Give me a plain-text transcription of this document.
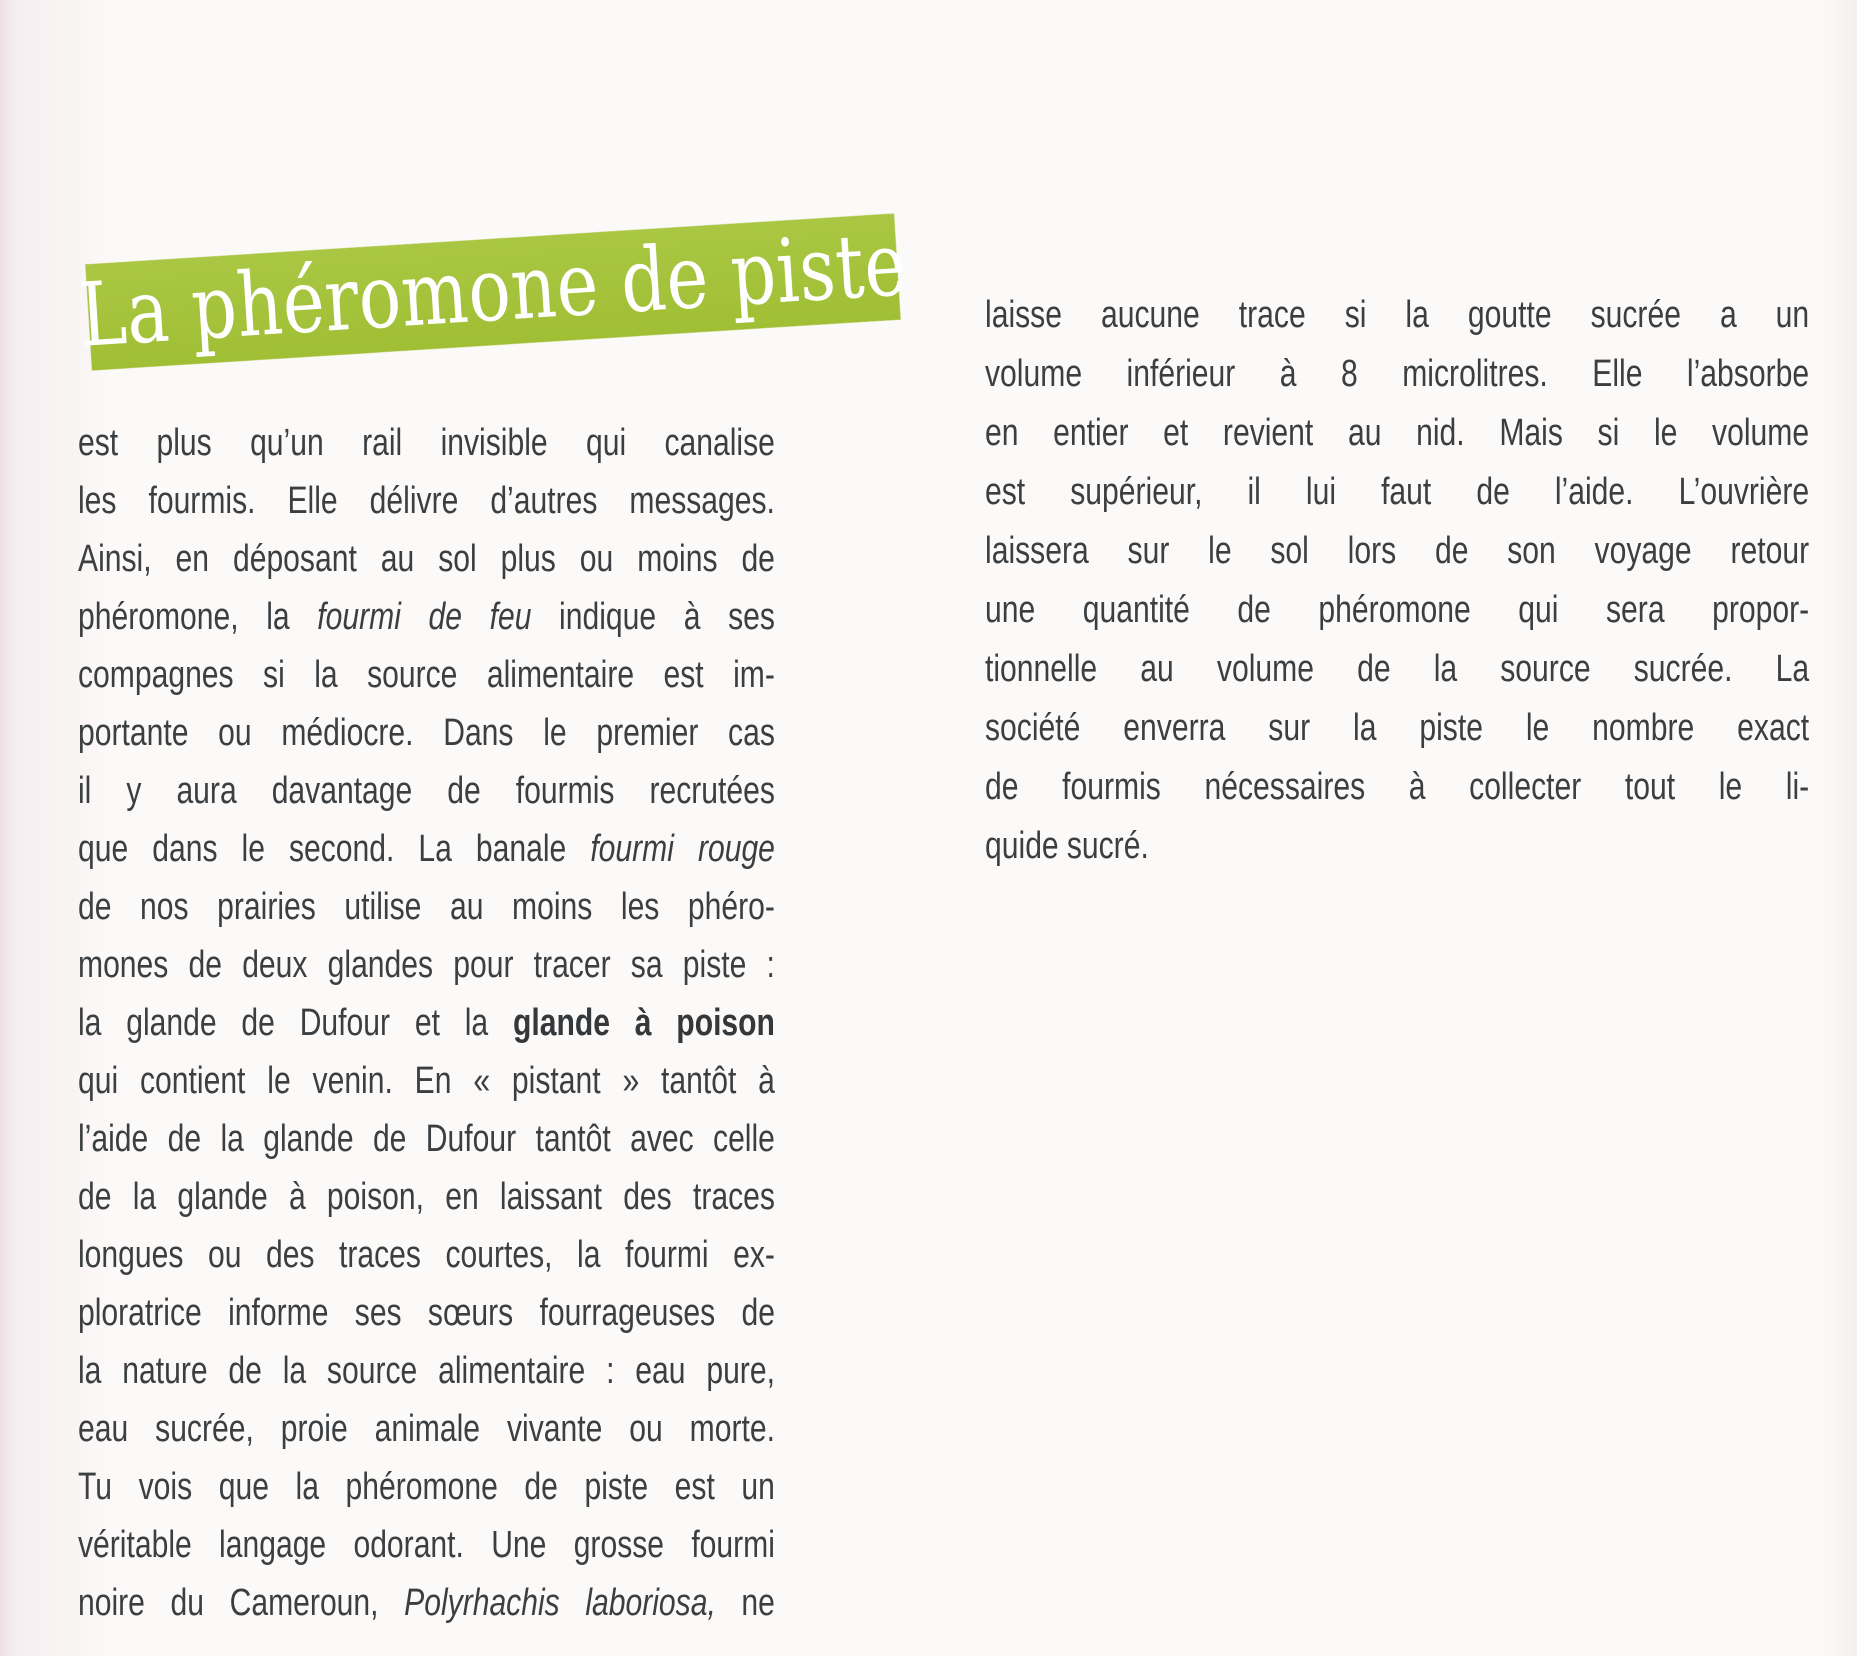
La phéromone de piste
est plus qu’un rail invisible qui canalise
les fourmis. Elle délivre d’autres messages.
Ainsi, en déposant au sol plus ou moins de
phéromone, la fourmi de feu indique à ses
compagnes si la source alimentaire est im-
portante ou médiocre. Dans le premier cas
il y aura davantage de fourmis recrutées
que dans le second. La banale fourmi rouge
de nos prairies utilise au moins les phéro-
mones de deux glandes pour tracer sa piste :
la glande de Dufour et la glande à poison
qui contient le venin. En « pistant » tantôt à
l’aide de la glande de Dufour tantôt avec celle
de la glande à poison, en laissant des traces
longues ou des traces courtes, la fourmi ex-
ploratrice informe ses sœurs fourrageuses de
la nature de la source alimentaire : eau pure,
eau sucrée, proie animale vivante ou morte.
Tu vois que la phéromone de piste est un
véritable langage odorant. Une grosse fourmi
noire du Cameroun, Polyrhachis laboriosa, ne
laisse aucune trace si la goutte sucrée a un
volume inférieur à 8 microlitres. Elle l’absorbe
en entier et revient au nid. Mais si le volume
est supérieur, il lui faut de l’aide. L’ouvrière
laissera sur le sol lors de son voyage retour
une quantité de phéromone qui sera propor-
tionnelle au volume de la source sucrée. La
société enverra sur la piste le nombre exact
de fourmis nécessaires à collecter tout le li-
quide sucré.
